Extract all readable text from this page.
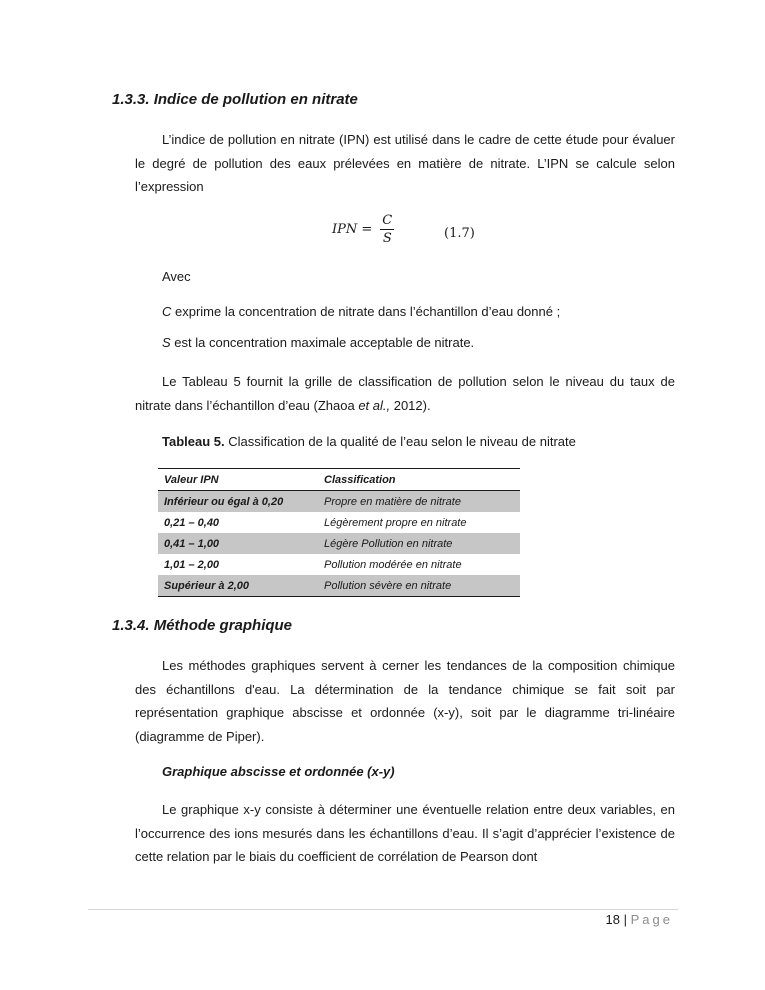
1.3.3. Indice de pollution en nitrate

L’indice de pollution en nitrate (IPN) est utilisé dans le cadre de cette étude pour évaluer le degré de pollution des eaux prélevées en matière de nitrate. L’IPN se calcule selon l’expression

IPN = $\frac{C}{S}$	(1.7)

Avec

C exprime la concentration de nitrate dans l’échantillon d’eau donné ;

S est la concentration maximale acceptable de nitrate.

Le Tableau 5 fournit la grille de classification de pollution selon le niveau du taux de nitrate dans l’échantillon d’eau (Zhaoa et al., 2012).

Tableau 5. Classification de la qualité de l’eau selon le niveau de nitrate

Valeur IPN	Classification
Inférieur ou égal à 0,20	Propre en matière de nitrate
0,21 – 0,40	Légèrement propre en nitrate
0,41 – 1,00	Légère Pollution en nitrate
1,01 – 2,00	Pollution modérée en nitrate
Supérieur à 2,00	Pollution sévère en nitrate
1.3.4. Méthode graphique

Les méthodes graphiques servent à cerner les tendances de la composition chimique des échantillons d'eau. La détermination de la tendance chimique se fait soit par représentation graphique abscisse et ordonnée (x-y), soit par le diagramme tri-linéaire (diagramme de Piper).

Graphique abscisse et ordonnée (x-y)

Le graphique x-y consiste à déterminer une éventuelle relation entre deux variables, en l’occurrence des ions mesurés dans les échantillons d’eau. Il s’agit d’apprécier l’existence de cette relation par le biais du coefficient de corrélation de Pearson dont

18 | Page
